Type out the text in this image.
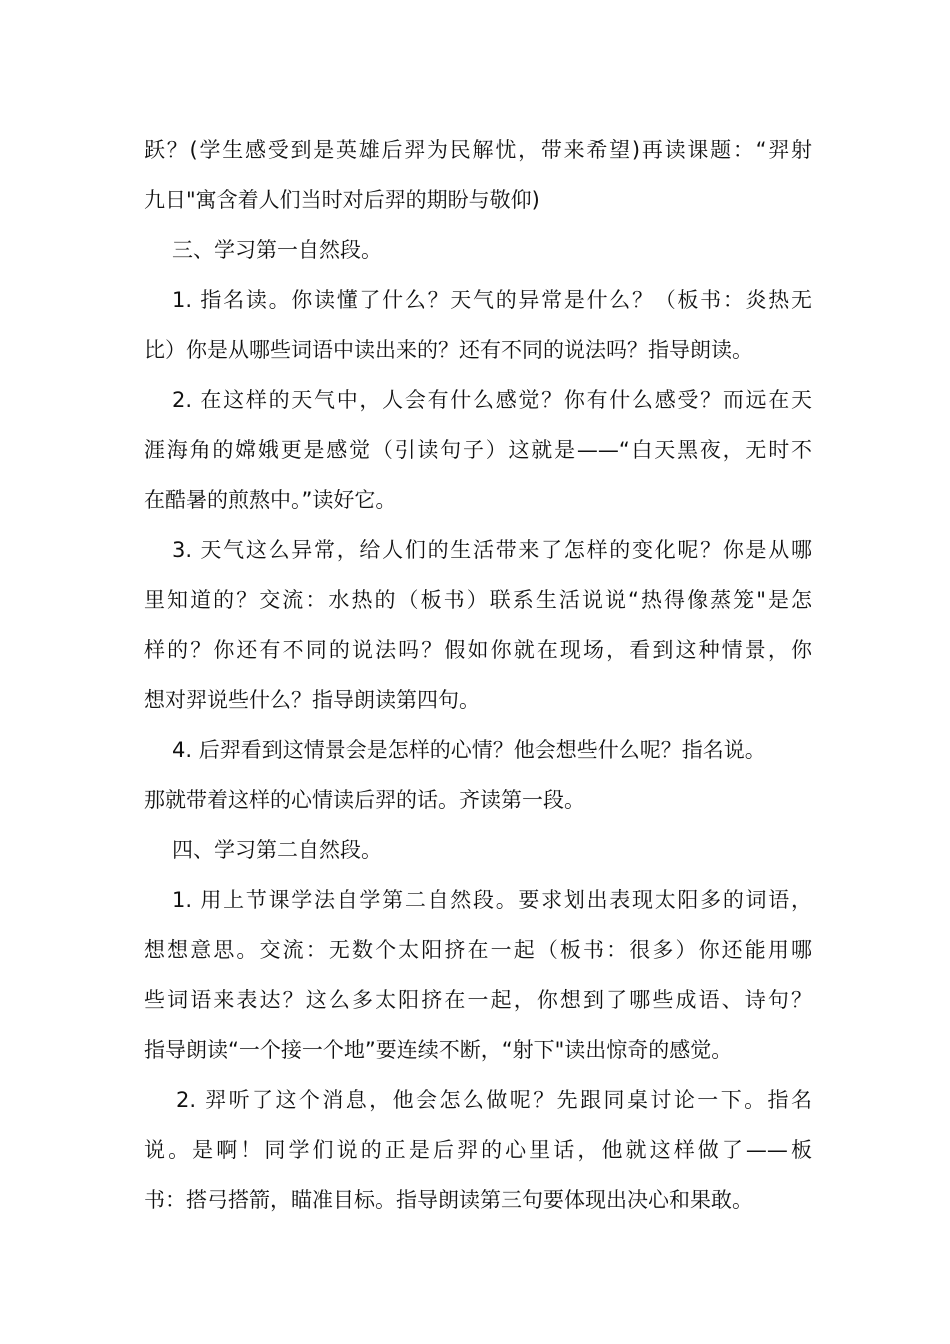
跃？(学生感受到是英雄后羿为民解忧，带来希望)再读课题：“羿射
九日"寓含着人们当时对后羿的期盼与敬仰)
三、学习第一自然段。
1. 指名读。你读懂了什么？天气的异常是什么？（板书：炎热无
比）你是从哪些词语中读出来的？还有不同的说法吗？指导朗读。
2. 在这样的天气中，人会有什么感觉？你有什么感受？而远在天
涯海角的嫦娥更是感觉（引读句子）这就是——“白天黑夜，无时不
在酷暑的煎熬中。”读好它。
3. 天气这么异常，给人们的生活带来了怎样的变化呢？你是从哪
里知道的？交流：水热的（板书）联系生活说说“热得像蒸笼"是怎
样的？你还有不同的说法吗？假如你就在现场，看到这种情景，你
想对羿说些什么？指导朗读第四句。
4. 后羿看到这情景会是怎样的心情？他会想些什么呢？指名说。
那就带着这样的心情读后羿的话。齐读第一段。
四、学习第二自然段。
1. 用上节课学法自学第二自然段。要求划出表现太阳多的词语，
想想意思。交流：无数个太阳挤在一起（板书：很多）你还能用哪
些词语来表达？这么多太阳挤在一起，你想到了哪些成语、诗句？
指导朗读“一个接一个地”要连续不断，“射下"读出惊奇的感觉。
2. 羿听了这个消息，他会怎么做呢？先跟同桌讨论一下。指名
说。是啊！同学们说的正是后羿的心里话，他就这样做了——板
书：搭弓搭箭，瞄准目标。指导朗读第三句要体现出决心和果敢。
